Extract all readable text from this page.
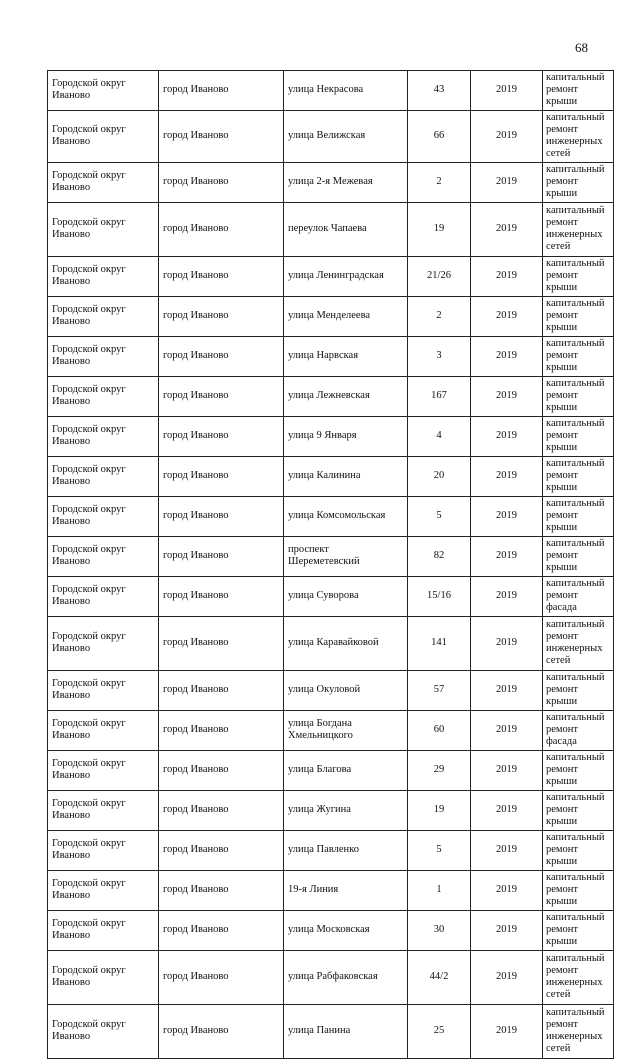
68
Городской округ Иваново	город Иваново	улица Некрасова	43	2019	капитальный ремонт крыши
Городской округ Иваново	город Иваново	улица Велижская	66	2019	капитальный ремонт инженерных сетей
Городской округ Иваново	город Иваново	улица 2-я Межевая	2	2019	капитальный ремонт крыши
Городской округ Иваново	город Иваново	переулок Чапаева	19	2019	капитальный ремонт инженерных сетей
Городской округ Иваново	город Иваново	улица Ленинградская	21/26	2019	капитальный ремонт крыши
Городской округ Иваново	город Иваново	улица Менделеева	2	2019	капитальный ремонт крыши
Городской округ Иваново	город Иваново	улица Нарвская	3	2019	капитальный ремонт крыши
Городской округ Иваново	город Иваново	улица Лежневская	167	2019	капитальный ремонт крыши
Городской округ Иваново	город Иваново	улица 9 Января	4	2019	капитальный ремонт крыши
Городской округ Иваново	город Иваново	улица Калинина	20	2019	капитальный ремонт крыши
Городской округ Иваново	город Иваново	улица Комсомольская	5	2019	капитальный ремонт крыши
Городской округ Иваново	город Иваново	проспект Шереметевский	82	2019	капитальный ремонт крыши
Городской округ Иваново	город Иваново	улица Суворова	15/16	2019	капитальный ремонт фасада
Городской округ Иваново	город Иваново	улица Каравайковой	141	2019	капитальный ремонт инженерных сетей
Городской округ Иваново	город Иваново	улица Окуловой	57	2019	капитальный ремонт крыши
Городской округ Иваново	город Иваново	улица Богдана Хмельницкого	60	2019	капитальный ремонт фасада
Городской округ Иваново	город Иваново	улица Благова	29	2019	капитальный ремонт крыши
Городской округ Иваново	город Иваново	улица Жугина	19	2019	капитальный ремонт крыши
Городской округ Иваново	город Иваново	улица Павленко	5	2019	капитальный ремонт крыши
Городской округ Иваново	город Иваново	19-я Линия	1	2019	капитальный ремонт крыши
Городской округ Иваново	город Иваново	улица Московская	30	2019	капитальный ремонт крыши
Городской округ Иваново	город Иваново	улица Рабфаковская	44/2	2019	капитальный ремонт инженерных сетей
Городской округ Иваново	город Иваново	улица Панина	25	2019	капитальный ремонт инженерных сетей
